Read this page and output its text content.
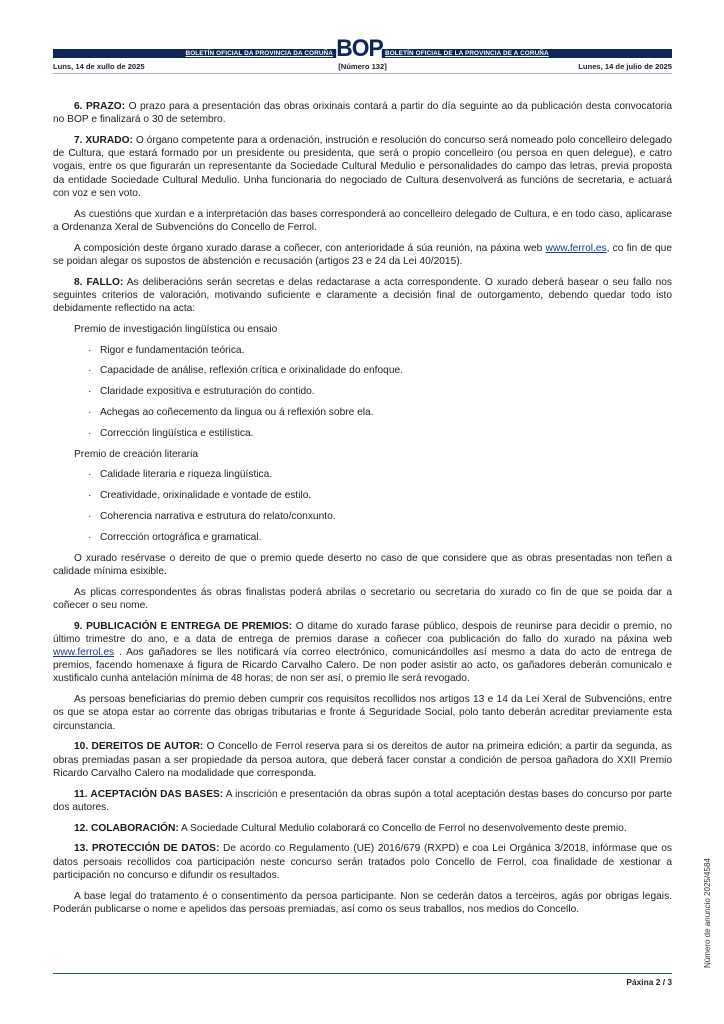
BOLETÍN OFICIAL DA PROVINCIA DA CORUÑA BOP BOLETÍN OFICIAL DE LA PROVINCIA DE A CORUÑA
Luns, 14 de xullo de 2025	[Número 132]	Lunes, 14 de julio de 2025

6. PRAZO: O prazo para a presentación das obras orixinais contará a partir do día seguinte ao da publicación desta convocatoria no BOP e finalizará o 30 de setembro.

7. XURADO: O órgano competente para a ordenación, instrución e resolución do concurso será nomeado polo concelleiro delegado de Cultura, que estará formado por un presidente ou presidenta, que será o propio concelleiro (ou persoa en quen delegue), e catro vogais, entre os que figurarán un representante da Sociedade Cultural Medulio e personalidades do campo das letras, previa proposta da entidade Sociedade Cultural Medulio. Unha funcionaria do negociado de Cultura desenvolverá as funcións de secretaria, e actuará con voz e sen voto.

As cuestións que xurdan e a interpretación das bases corresponderá ao concelleiro delegado de Cultura, e en todo caso, aplicarase a Ordenanza Xeral de Subvencións do Concello de Ferrol.

A composición deste órgano xurado darase a coñecer, con anterioridade á súa reunión, na páxina web www.ferrol.es, co fin de que se poidan alegar os supostos de abstención e recusación (artigos 23 e 24 da Lei 40/2015).

8. FALLO: As deliberacións serán secretas e delas redactarase a acta correspondente. O xurado deberá basear o seu fallo nos seguintes criterios de valoración, motivando suficiente e claramente a decisión final de outorgamento, debendo quedar todo isto debidamente reflectido na acta:

Premio de investigación lingüística ou ensaio
· Rigor e fundamentación teórica.
· Capacidade de análise, reflexión crítica e orixinalidade do enfoque.
· Claridade expositiva e estruturación do contido.
· Achegas ao coñecemento da lingua ou á reflexión sobre ela.
· Corrección lingüística e estilística.
Premio de creación literaria
· Calidade literaria e riqueza lingüística.
· Creatividade, orixinalidade e vontade de estilo.
· Coherencia narrativa e estrutura do relato/conxunto.
· Corrección ortográfica e gramatical.

O xurado resérvase o dereito de que o premio quede deserto no caso de que considere que as obras presentadas non teñen a calidade mínima esixible.

As plicas correspondentes ás obras finalistas poderá abrilas o secretario ou secretaria do xurado co fin de que se poida dar a coñecer o seu nome.

9. PUBLICACIÓN E ENTREGA DE PREMIOS: O ditame do xurado farase público, despois de reunirse para decidir o premio, no último trimestre do ano, e a data de entrega de premios darase a coñecer coa publicación do fallo do xurado na páxina web www.ferrol.es . Aos gañadores se lles notificará vía correo electrónico, comunicándolles así mesmo a data do acto de entrega de premios, facendo homenaxe á figura de Ricardo Carvalho Calero. De non poder asistir ao acto, os gañadores deberán comunicalo e xustificalo cunha antelación mínima de 48 horas; de non ser así, o premio lle será revogado.

As persoas beneficiarias do premio deben cumprir cos requisitos recollidos nos artigos 13 e 14 da Lei Xeral de Subvencións, entre os que se atopa estar ao corrente das obrigas tributarias e fronte á Seguridade Social, polo tanto deberán acreditar previamente esta circunstancia.

10. DEREITOS DE AUTOR: O Concello de Ferrol reserva para si os dereitos de autor na primeira edición; a partir da segunda, as obras premiadas pasan a ser propiedade da persoa autora, que deberá facer constar a condición de persoa gañadora do XXII Premio Ricardo Carvalho Calero na modalidade que corresponda.

11. ACEPTACIÓN DAS BASES: A inscrición e presentación da obras supón a total aceptación destas bases do concurso por parte dos autores.

12. COLABORACIÓN: A Sociedade Cultural Medulio colaborará co Concello de Ferrol no desenvolvemento deste premio.

13. PROTECCIÓN DE DATOS: De acordo co Regulamento (UE) 2016/679 (RXPD) e coa Lei Orgánica 3/2018, infórmase que os datos persoais recollidos coa participación neste concurso serán tratados polo Concello de Ferrol, coa finalidade de xestionar a participación no concurso e difundir os resultados.

A base legal do tratamento é o consentimento da persoa participante. Non se cederán datos a terceiros, agás por obrigas legais. Poderán publicarse o nome e apelidos das persoas premiadas, así como os seus traballos, nos medios do Concello.

Páxina 2 / 3
Número de anuncio 2025/4584
